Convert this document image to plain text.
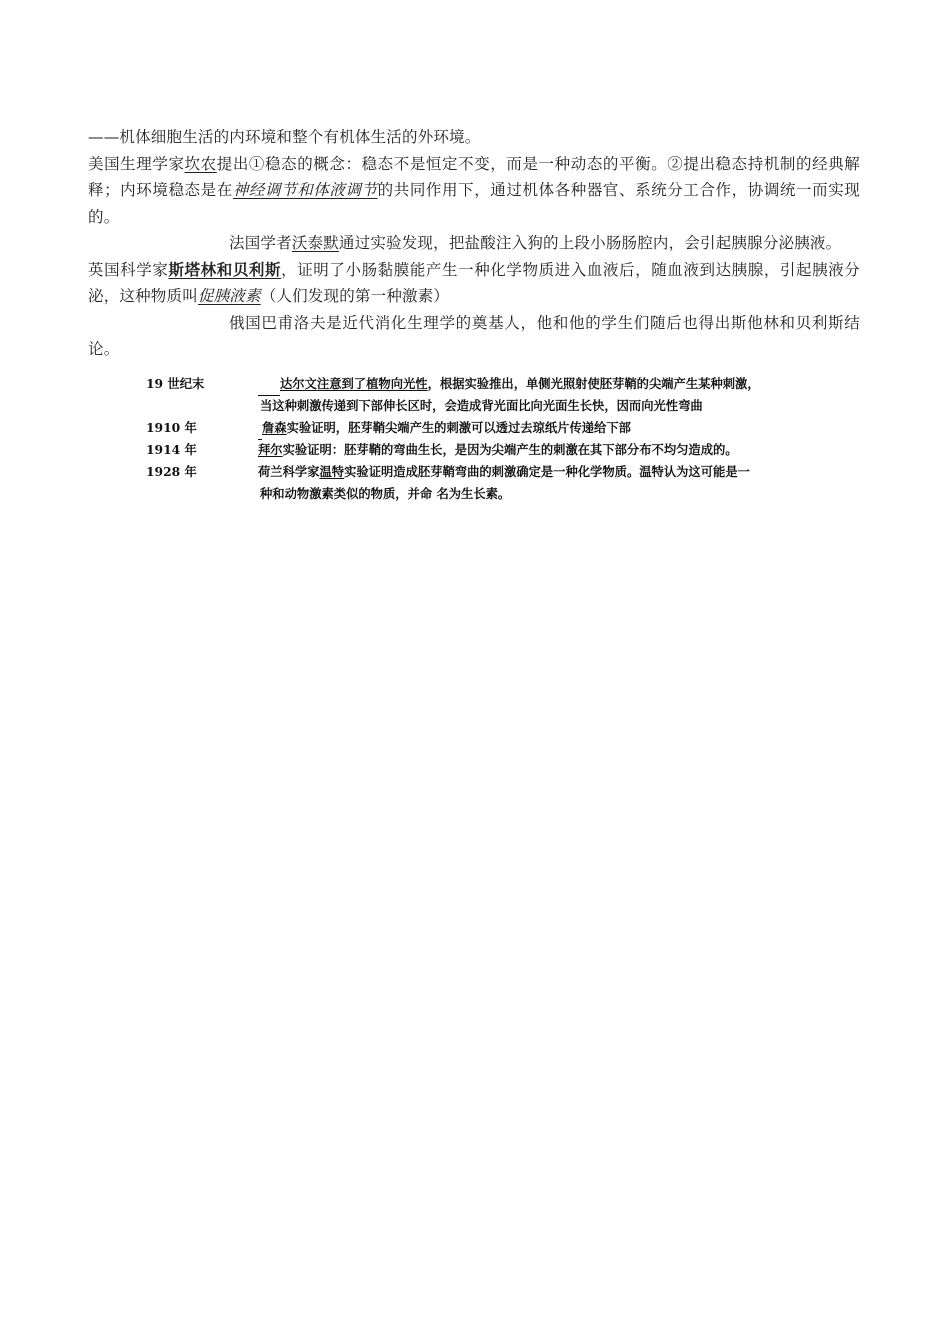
——机体细胞生活的内环境和整个有机体生活的外环境。

美国生理学家坎农提出①稳态的概念：稳态不是恒定不变，而是一种动态的平衡。②提出稳态持机制的经典解释；内环境稳态是在神经调节和体液调节的共同作用下，通过机体各种器官、系统分工合作，协调统一而实现的。

法国学者沃泰默通过实验发现，把盐酸注入狗的上段小肠肠腔内，会引起胰腺分泌胰液。

英国科学家斯塔林和贝利斯，证明了小肠黏膜能产生一种化学物质进入血液后，随血液到达胰腺，引起胰液分泌，这种物质叫促胰液素（人们发现的第一种激素）

俄国巴甫洛夫是近代消化生理学的奠基人，他和他的学生们随后也得出斯他林和贝利斯结论。

19 世纪末	达尔文注意到了植物向光性，根据实验推出，单侧光照射使胚芽鞘的尖端产生某种刺激，
当这种刺激传递到下部伸长区时，会造成背光面比向光面生长快，因而向光性弯曲
1910 年	詹森实验证明，胚芽鞘尖端产生的刺激可以透过去琼纸片传递给下部
1914 年	拜尔实验证明：胚芽鞘的弯曲生长，是因为尖端产生的刺激在其下部分布不均匀造成的。
1928 年	荷兰科学家温特实验证明造成胚芽鞘弯曲的刺激确定是一种化学物质。温特认为这可能是一
种和动物激素类似的物质，并命 名为生长素。
